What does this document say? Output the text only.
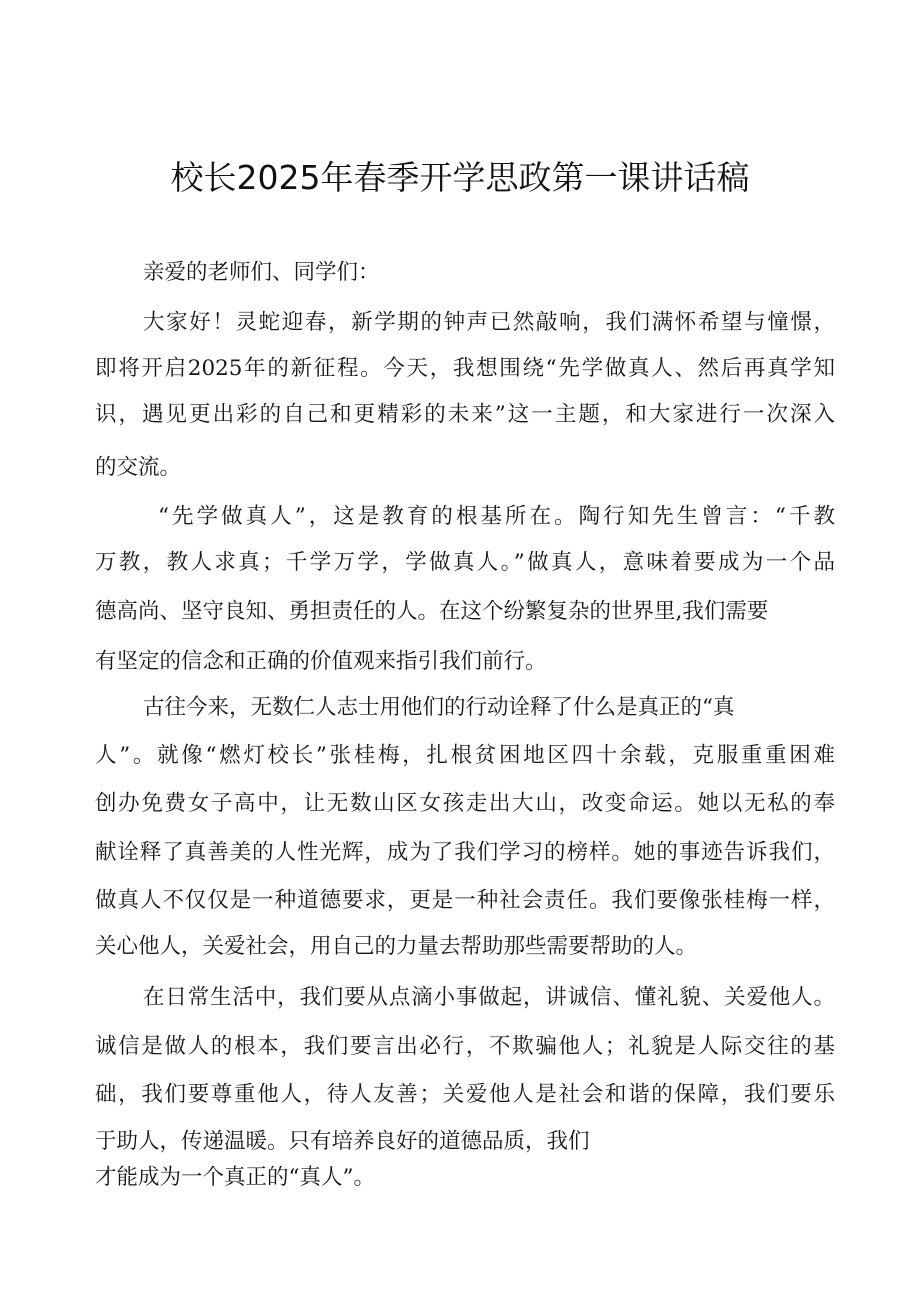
校长2025年春季开学思政第一课讲话稿
亲爱的老师们、同学们：
大家好！灵蛇迎春，新学期的钟声已然敲响，我们满怀希望与憧憬，
即将开启2025年的新征程。今天，我想围绕“先学做真人、然后再真学知
识，遇见更出彩的自己和更精彩的未来”这一主题，和大家进行一次深入
的交流。
“先学做真人”，这是教育的根基所在。陶行知先生曾言：“千教
万教，教人求真；千学万学，学做真人。”做真人，意味着要成为一个品
德高尚、坚守良知、勇担责任的人。在这个纷繁复杂的世界里,我们需要
有坚定的信念和正确的价值观来指引我们前行。
古往今来，无数仁人志士用他们的行动诠释了什么是真正的“真
人”。就像“燃灯校长”张桂梅，扎根贫困地区四十余载，克服重重困难
创办免费女子高中，让无数山区女孩走出大山，改变命运。她以无私的奉
献诠释了真善美的人性光辉，成为了我们学习的榜样。她的事迹告诉我们，
做真人不仅仅是一种道德要求，更是一种社会责任。我们要像张桂梅一样，
关心他人，关爱社会，用自己的力量去帮助那些需要帮助的人。
在日常生活中，我们要从点滴小事做起，讲诚信、懂礼貌、关爱他人。
诚信是做人的根本，我们要言出必行，不欺骗他人；礼貌是人际交往的基
础，我们要尊重他人，待人友善；关爱他人是社会和谐的保障，我们要乐
于助人，传递温暖。只有培养良好的道德品质，我们
才能成为一个真正的“真人”。
